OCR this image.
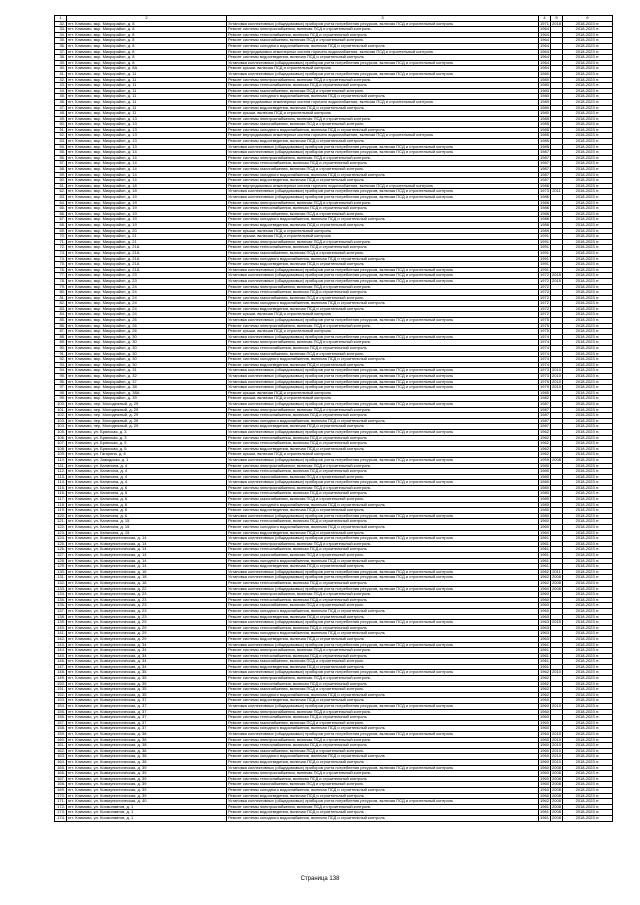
1	2	3	4	5	6
32.	пгт. Климово, мкр. Микрорайон, д. 8	Установка коллективных (общедомовых) приборов учета потребления ресурсов, включая ПСД и строительный контроль	1971	2018	2018-2023 гг.
33.	пгт. Климово, мкр. Микрорайон, д. 8	Ремонт системы электроснабжения, включая ПСД и строительный контроль	1964		2018-2023 гг.
34.	пгт. Климово, мкр. Микрорайон, д. 8	Ремонт системы теплоснабжения, включая ПСД и строительный контроль	1964		2018-2023 гг.
35.	пгт. Климово, мкр. Микрорайон, д. 8	Ремонт системы газоснабжения, включая ПСД и строительный контроль	1964		2018-2023 гг.
36.	пгт. Климово, мкр. Микрорайон, д. 8	Ремонт системы холодного водоснабжения, включая ПСД и строительный контроль	1964		2018-2023 гг.
37.	пгт. Климово, мкр. Микрорайон, д. 8	Ремонт внутридомовых инженерных систем горячего водоснабжения, включая ПСД и строительный контроль	1964		2018-2023 гг.
38.	пгт. Климово, мкр. Микрорайон, д. 8	Ремонт системы водоотведения, включая ПСД и строительный контроль	1964		2018-2023 гг.
39.	пгт. Климово, мкр. Микрорайон, д. 8	Установка коллективных (общедомовых) приборов учета потребления ресурсов, включая ПСД и строительный контроль	1964		2018-2023 гг.
40.	пгт. Климово, мкр. Микрорайон, д. 8А	Ремонт крыши, включая ПСД и строительный контроль	1984		2018-2023 гг.
41.	пгт. Климово, мкр. Микрорайон, д. 11	Установка коллективных (общедомовых) приборов учета потребления ресурсов, включая ПСД и строительный контроль	1980		2018-2023 гг.
42.	пгт. Климово, мкр. Микрорайон, д. 11	Ремонт системы электроснабжения, включая ПСД и строительный контроль	1980		2018-2023 гг.
43.	пгт. Климово, мкр. Микрорайон, д. 11	Ремонт системы теплоснабжения, включая ПСД и строительный контроль	1980		2018-2023 гг.
44.	пгт. Климово, мкр. Микрорайон, д. 11	Ремонт системы газоснабжения, включая ПСД и строительный контроль	1980		2018-2023 гг.
45.	пгт. Климово, мкр. Микрорайон, д. 11	Ремонт системы холодного водоснабжения, включая ПСД и строительный контроль	1980		2018-2023 гг.
46.	пгт. Климово, мкр. Микрорайон, д. 11	Ремонт внутридомовых инженерных систем горячего водоснабжения, включая ПСД и строительный контроль	1980		2018-2023 гг.
47.	пгт. Климово, мкр. Микрорайон, д. 11	Ремонт системы водоотведения, включая ПСД и строительный контроль	1980		2018-2023 гг.
48.	пгт. Климово, мкр. Микрорайон, д. 11	Ремонт крыши, включая ПСД и строительный контроль	1980		2018-2023 гг.
49.	пгт. Климово, мкр. Микрорайон, д. 13	Ремонт системы электроснабжения, включая ПСД и строительный контроль	1985		2018-2023 гг.
50.	пгт. Климово, мкр. Микрорайон, д. 13	Ремонт системы газоснабжения, включая ПСД и строительный контроль	1985		2018-2023 гг.
51.	пгт. Климово, мкр. Микрорайон, д. 13	Ремонт системы холодного водоснабжения, включая ПСД и строительный контроль	1985		2018-2023 гг.
52.	пгт. Климово, мкр. Микрорайон, д. 13	Ремонт внутридомовых инженерных систем горячего водоснабжения, включая ПСД и строительный контроль	1985		2018-2023 гг.
53.	пгт. Климово, мкр. Микрорайон, д. 13	Ремонт системы водоотведения, включая ПСД и строительный контроль	1985		2018-2023 гг.
54.	пгт. Климово, мкр. Микрорайон, д. 13	Установка коллективных (общедомовых) приборов учета потребления ресурсов, включая ПСД и строительный контроль	1985		2018-2023 гг.
55.	пгт. Климово, мкр. Микрорайон, д. 14	Установка коллективных (общедомовых) приборов учета потребления ресурсов, включая ПСД и строительный контроль	1987		2018-2023 гг.
56.	пгт. Климово, мкр. Микрорайон, д. 14	Ремонт системы электроснабжения, включая ПСД и строительный контроль	1987		2018-2023 гг.
57.	пгт. Климово, мкр. Микрорайон, д. 14	Ремонт системы теплоснабжения, включая ПСД и строительный контроль	1987		2018-2023 гг.
58.	пгт. Климово, мкр. Микрорайон, д. 14	Ремонт системы газоснабжения, включая ПСД и строительный контроль	1987		2018-2023 гг.
59.	пгт. Климово, мкр. Микрорайон, д. 14	Ремонт системы холодного водоснабжения, включая ПСД и строительный контроль	1987		2018-2023 гг.
60.	пгт. Климово, мкр. Микрорайон, д. 14	Ремонт системы водоотведения, включая ПСД и строительный контроль	1987		2018-2023 гг.
61.	пгт. Климово, мкр. Микрорайон, д. 18	Ремонт внутридомовых инженерных систем горячего водоснабжения, включая ПСД и строительный контроль	1988		2018-2023 гг.
62.	пгт. Климово, мкр. Микрорайон, д. 18	Установка коллективных (общедомовых) приборов учета потребления ресурсов, включая ПСД и строительный контроль	1973	2011	2018-2023 гг.
63.	пгт. Климово, мкр. Микрорайон, д. 19	Установка коллективных (общедомовых) приборов учета потребления ресурсов, включая ПСД и строительный контроль	1986		2018-2023 гг.
64.	пгт. Климово, мкр. Микрорайон, д. 19	Ремонт системы электроснабжения, включая ПСД и строительный контроль	1986		2018-2023 гг.
65.	пгт. Климово, мкр. Микрорайон, д. 19	Ремонт системы теплоснабжения, включая ПСД и строительный контроль	1986		2018-2023 гг.
66.	пгт. Климово, мкр. Микрорайон, д. 19	Ремонт системы газоснабжения, включая ПСД и строительный контроль	1986		2018-2023 гг.
67.	пгт. Климово, мкр. Микрорайон, д. 19	Ремонт системы холодного водоснабжения, включая ПСД и строительный контроль	1986		2018-2023 гг.
68.	пгт. Климово, мкр. Микрорайон, д. 19	Ремонт системы водоотведения, включая ПСД и строительный контроль	1986		2018-2023 гг.
69.	пгт. Климово, мкр. Микрорайон, д. 20	Ремонт крыши, включая ПСД и строительный контроль	1989		2018-2023 гг.
70.	пгт. Климово, мкр. Микрорайон, д. 21	Ремонт крыши, включая ПСД и строительный контроль	1991		2018-2023 гг.
71.	пгт. Климово, мкр. Микрорайон, д. 21	Ремонт системы электроснабжения, включая ПСД и строительный контроль	1991		2018-2023 гг.
72.	пгт. Климово, мкр. Микрорайон, д. 21А	Ремонт системы теплоснабжения, включая ПСД и строительный контроль	1991		2018-2023 гг.
73.	пгт. Климово, мкр. Микрорайон, д. 21А	Ремонт системы газоснабжения, включая ПСД и строительный контроль	1991		2018-2023 гг.
74.	пгт. Климово, мкр. Микрорайон, д. 21А	Ремонт системы холодного водоснабжения, включая ПСД и строительный контроль	1991		2018-2023 гг.
75.	пгт. Климово, мкр. Микрорайон, д. 21А	Ремонт системы водоотведения, включая ПСД и строительный контроль	1991		2018-2023 гг.
76.	пгт. Климово, мкр. Микрорайон, д. 21А	Установка коллективных (общедомовых) приборов учета потребления ресурсов, включая ПСД и строительный контроль	1991		2018-2023 гг.
77.	пгт. Климово, мкр. Микрорайон, д. 23	Установка коллективных (общедомовых) приборов учета потребления ресурсов, включая ПСД и строительный контроль	1972	2015	2018-2023 гг.
78.	пгт. Климово, мкр. Микрорайон, д. 23	Установка коллективных (общедомовых) приборов учета потребления ресурсов, включая ПСД и строительный контроль	1972	2015	2018-2023 гг.
79.	пгт. Климово, мкр. Микрорайон, д. 24	Ремонт системы электроснабжения, включая ПСД и строительный контроль	1972		2018-2023 гг.
80.	пгт. Климово, мкр. Микрорайон, д. 24	Ремонт системы теплоснабжения, включая ПСД и строительный контроль	1972		2018-2023 гг.
81.	пгт. Климово, мкр. Микрорайон, д. 24	Ремонт системы газоснабжения, включая ПСД и строительный контроль	1972		2018-2023 гг.
82.	пгт. Климово, мкр. Микрорайон, д. 24	Ремонт системы холодного водоснабжения, включая ПСД и строительный контроль	1972		2018-2023 гг.
83.	пгт. Климово, мкр. Микрорайон, д. 24	Ремонт системы водоотведения, включая ПСД и строительный контроль	1972		2018-2023 гг.
84.	пгт. Климово, мкр. Микрорайон, д. 24	Ремонт крыши, включая ПСД и строительный контроль	1972		2018-2023 гг.
85.	пгт. Климово, мкр. Микрорайон, д. 26	Установка коллективных (общедомовых) приборов учета потребления ресурсов, включая ПСД и строительный контроль	1975		2018-2023 гг.
86.	пгт. Климово, мкр. Микрорайон, д. 26	Ремонт системы электроснабжения, включая ПСД и строительный контроль	1975		2018-2023 гг.
87.	пгт. Климово, мкр. Микрорайон, д. 26	Ремонт крыши, включая ПСД и строительный контроль	1975		2018-2023 гг.
88.	пгт. Климово, мкр. Микрорайон, д. 30	Установка коллективных (общедомовых) приборов учета потребления ресурсов, включая ПСД и строительный контроль	1974		2018-2023 гг.
89.	пгт. Климово, мкр. Микрорайон, д. 30	Ремонт системы электроснабжения, включая ПСД и строительный контроль	1974		2018-2023 гг.
90.	пгт. Климово, мкр. Микрорайон, д. 30	Ремонт системы теплоснабжения, включая ПСД и строительный контроль	1974		2018-2023 гг.
91.	пгт. Климово, мкр. Микрорайон, д. 30	Ремонт системы газоснабжения, включая ПСД и строительный контроль	1974		2018-2023 гг.
92.	пгт. Климово, мкр. Микрорайон, д. 30	Ремонт системы холодного водоснабжения, включая ПСД и строительный контроль	1974		2018-2023 гг.
93.	пгт. Климово, мкр. Микрорайон, д. 30	Ремонт системы водоотведения, включая ПСД и строительный контроль	1974		2018-2023 гг.
94.	пгт. Климово, мкр. Микрорайон, д. 31	Установка коллективных (общедомовых) приборов учета потребления ресурсов, включая ПСД и строительный контроль	1973	2010	2018-2023 гг.
95.	пгт. Климово, мкр. Микрорайон, д. 32	Установка коллективных (общедомовых) приборов учета потребления ресурсов, включая ПСД и строительный контроль	1973	2010	2018-2023 гг.
96.	пгт. Климово, мкр. Микрорайон, д. 37	Установка коллективных (общедомовых) приборов учета потребления ресурсов, включая ПСД и строительный контроль	1979	2010	2018-2023 гг.
97.	пгт. Климово, мкр. Микрорайон, д. 38	Установка коллективных (общедомовых) приборов учета потребления ресурсов, включая ПСД и строительный контроль	1979	2010	2018-2023 гг.
98.	пгт. Климово, мкр. Микрорайон, д. 38А	Ремонт крыши, включая ПСД и строительный контроль	1980		2018-2023 гг.
99.	пгт. Климово, мкр. Микрорайон, д. 39	Ремонт крыши, включая ПСД и строительный контроль	1982		2018-2023 гг.
100.	пгт. Климово, пер. Молодежный, д. 29	Установка коллективных (общедомовых) приборов учета потребления ресурсов, включая ПСД и строительный контроль	1987		2018-2023 гг.
101.	пгт. Климово, пер. Молодежный, д. 29	Ремонт системы электроснабжения, включая ПСД и строительный контроль	1987		2018-2023 гг.
102.	пгт. Климово, пер. Молодежный, д. 29	Ремонт системы теплоснабжения, включая ПСД и строительный контроль	1987		2018-2023 гг.
103.	пгт. Климово, пер. Молодежный, д. 29	Ремонт системы холодного водоснабжения, включая ПСД и строительный контроль	1987		2018-2023 гг.
104.	пгт. Климово, пер. Молодежный, д. 29	Ремонт системы водоотведения, включая ПСД и строительный контроль	1987		2018-2023 гг.
105.	пгт. Климово, ул. Брянская, д. 3	Установка коллективных (общедомовых) приборов учета потребления ресурсов, включая ПСД и строительный контроль	1962		2018-2023 гг.
106.	пгт. Климово, ул. Брянская, д. 3	Ремонт системы теплоснабжения, включая ПСД и строительный контроль	1962		2018-2023 гг.
107.	пгт. Климово, ул. Брянская, д. 5	Ремонт системы теплоснабжения, включая ПСД и строительный контроль	1962		2018-2023 гг.
108.	пгт. Климово, ул. Брянская, д. 5	Ремонт системы водоотведения, включая ПСД и строительный контроль	1962		2018-2023 гг.
109.	пгт. Климово, ул. Гагарина, д. 6	Ремонт крыши, включая ПСД и строительный контроль	1962		2018-2023 гг.
110.	пгт. Климово, ул. Заводская, д. 1	Установка коллективных (общедомовых) приборов учета потребления ресурсов, включая ПСД и строительный контроль	1959	2008	2018-2023 гг.
111.	пгт. Климово, ул. Калинина, д. 4	Ремонт системы электроснабжения, включая ПСД и строительный контроль	1980		2018-2023 гг.
112.	пгт. Климово, ул. Калинина, д. 4	Ремонт системы теплоснабжения, включая ПСД и строительный контроль	1980		2018-2023 гг.
113.	пгт. Климово, ул. Калинина, д. 4	Ремонт системы газоснабжения, включая ПСД и строительный контроль	1980		2018-2023 гг.
114.	пгт. Климово, ул. Калинина, д. 4	Установка коллективных (общедомовых) приборов учета потребления ресурсов, включая ПСД и строительный контроль	1980		2018-2023 гг.
115.	пгт. Климово, ул. Калинина, д. 6	Ремонт системы электроснабжения, включая ПСД и строительный контроль	1980		2018-2023 гг.
116.	пгт. Климово, ул. Калинина, д. 6	Ремонт системы теплоснабжения, включая ПСД и строительный контроль	1980		2018-2023 гг.
117.	пгт. Климово, ул. Калинина, д. 6	Ремонт системы газоснабжения, включая ПСД и строительный контроль	1980		2018-2023 гг.
118.	пгт. Климово, ул. Калинина, д. 6	Ремонт системы холодного водоснабжения, включая ПСД и строительный контроль	1980		2018-2023 гг.
119.	пгт. Климово, ул. Калинина, д. 6	Ремонт системы водоотведения, включая ПСД и строительный контроль	1980		2018-2023 гг.
120.	пгт. Климово, ул. Калинина, д. 6	Установка коллективных (общедомовых) приборов учета потребления ресурсов, включая ПСД и строительный контроль	1980		2018-2023 гг.
121.	пгт. Климово, ул. Калинина, д. 15	Ремонт системы теплоснабжения, включая ПСД и строительный контроль	1960		2018-2023 гг.
122.	пгт. Климово, ул. Калинина, д. 15	Ремонт системы холодного водоснабжения, включая ПСД и строительный контроль	1960		2018-2023 гг.
123.	пгт. Климово, ул. Калинина, д. 15	Ремонт системы водоотведения, включая ПСД и строительный контроль	1960		2018-2023 гг.
124.	пгт. Климово, ул. Коммунистическая, д. 14	Установка коллективных (общедомовых) приборов учета потребления ресурсов, включая ПСД и строительный контроль	1961		2018-2023 гг.
125.	пгт. Климово, ул. Коммунистическая, д. 14	Ремонт системы электроснабжения, включая ПСД и строительный контроль	1961		2018-2023 гг.
126.	пгт. Климово, ул. Коммунистическая, д. 14	Ремонт системы теплоснабжения, включая ПСД и строительный контроль	1961		2018-2023 гг.
127.	пгт. Климово, ул. Коммунистическая, д. 14	Ремонт системы газоснабжения, включая ПСД и строительный контроль	1961		2018-2023 гг.
128.	пгт. Климово, ул. Коммунистическая, д. 14	Ремонт системы холодного водоснабжения, включая ПСД и строительный контроль	1961		2018-2023 гг.
129.	пгт. Климово, ул. Коммунистическая, д. 14	Ремонт системы водоотведения, включая ПСД и строительный контроль	1961		2018-2023 гг.
130.	пгт. Климово, ул. Коммунистическая, д. 16	Установка коллективных (общедомовых) приборов учета потребления ресурсов, включая ПСД и строительный контроль	1962	2011	2018-2023 гг.
131.	пгт. Климово, ул. Коммунистическая, д. 18	Установка коллективных (общедомовых) приборов учета потребления ресурсов, включая ПСД и строительный контроль	1962	2008	2018-2023 гг.
132.	пгт. Климово, ул. Коммунистическая, д. 18	Ремонт системы теплоснабжения, включая ПСД и строительный контроль	1962	2008	2018-2023 гг.
133.	пгт. Климово, ул. Коммунистическая, д. 22	Установка коллективных (общедомовых) приборов учета потребления ресурсов, включая ПСД и строительный контроль	1960	2008	2018-2023 гг.
134.	пгт. Климово, ул. Коммунистическая, д. 23	Ремонт системы электроснабжения, включая ПСД и строительный контроль	1960		2018-2023 гг.
135.	пгт. Климово, ул. Коммунистическая, д. 23	Ремонт системы теплоснабжения, включая ПСД и строительный контроль	1960		2018-2023 гг.
136.	пгт. Климово, ул. Коммунистическая, д. 23	Ремонт системы газоснабжения, включая ПСД и строительный контроль	1960		2018-2023 гг.
137.	пгт. Климово, ул. Коммунистическая, д. 23	Ремонт системы холодного водоснабжения, включая ПСД и строительный контроль	1960		2018-2023 гг.
138.	пгт. Климово, ул. Коммунистическая, д. 23	Ремонт системы водоотведения, включая ПСД и строительный контроль	1960		2018-2023 гг.
139.	пгт. Климово, ул. Коммунистическая, д. 29	Установка коллективных (общедомовых) приборов учета потребления ресурсов, включая ПСД и строительный контроль	1963	2015	2018-2023 гг.
140.	пгт. Климово, ул. Коммунистическая, д. 29	Ремонт системы теплоснабжения, включая ПСД и строительный контроль	1963		2018-2023 гг.
141.	пгт. Климово, ул. Коммунистическая, д. 29	Ремонт системы холодного водоснабжения, включая ПСД и строительный контроль	1963		2018-2023 гг.
142.	пгт. Климово, ул. Коммунистическая, д. 29	Ремонт системы водоотведения, включая ПСД и строительный контроль	1963		2018-2023 гг.
143.	пгт. Климово, ул. Коммунистическая, д. 34	Установка коллективных (общедомовых) приборов учета потребления ресурсов, включая ПСД и строительный контроль	1961		2018-2023 гг.
144.	пгт. Климово, ул. Коммунистическая, д. 34	Ремонт системы электроснабжения, включая ПСД и строительный контроль	1961		2018-2023 гг.
145.	пгт. Климово, ул. Коммунистическая, д. 34	Ремонт системы теплоснабжения, включая ПСД и строительный контроль	1961		2018-2023 гг.
146.	пгт. Климово, ул. Коммунистическая, д. 34	Ремонт системы газоснабжения, включая ПСД и строительный контроль	1961		2018-2023 гг.
147.	пгт. Климово, ул. Коммунистическая, д. 34	Ремонт системы водоотведения, включая ПСД и строительный контроль	1961		2018-2023 гг.
148.	пгт. Климово, ул. Коммунистическая, д. 35	Установка коллективных (общедомовых) приборов учета потребления ресурсов, включая ПСД и строительный контроль	1962	2010	2018-2023 гг.
149.	пгт. Климово, ул. Коммунистическая, д. 35	Ремонт системы электроснабжения, включая ПСД и строительный контроль	1962		2018-2023 гг.
150.	пгт. Климово, ул. Коммунистическая, д. 35	Ремонт системы теплоснабжения, включая ПСД и строительный контроль	1962		2018-2023 гг.
151.	пгт. Климово, ул. Коммунистическая, д. 35	Ремонт системы газоснабжения, включая ПСД и строительный контроль	1962		2018-2023 гг.
152.	пгт. Климово, ул. Коммунистическая, д. 35	Ремонт системы холодного водоснабжения, включая ПСД и строительный контроль	1962		2018-2023 гг.
153.	пгт. Климово, ул. Коммунистическая, д. 37	Ремонт системы водоотведения, включая ПСД и строительный контроль	1960		2018-2023 гг.
154.	пгт. Климово, ул. Коммунистическая, д. 37	Установка коллективных (общедомовых) приборов учета потребления ресурсов, включая ПСД и строительный контроль	1960	2010	2018-2023 гг.
155.	пгт. Климово, ул. Коммунистическая, д. 37	Ремонт системы электроснабжения, включая ПСД и строительный контроль	1960		2018-2023 гг.
156.	пгт. Климово, ул. Коммунистическая, д. 37	Ремонт системы теплоснабжения, включая ПСД и строительный контроль	1960		2018-2023 гг.
157.	пгт. Климово, ул. Коммунистическая, д. 37	Ремонт системы газоснабжения, включая ПСД и строительный контроль	1960		2018-2023 гг.
158.	пгт. Климово, ул. Коммунистическая, д. 37	Ремонт системы холодного водоснабжения, включая ПСД и строительный контроль	1960		2018-2023 гг.
159.	пгт. Климово, ул. Коммунистическая, д. 38	Установка коллективных (общедомовых) приборов учета потребления ресурсов, включая ПСД и строительный контроль	1960	2010	2018-2023 гг.
160.	пгт. Климово, ул. Коммунистическая, д. 38	Ремонт системы электроснабжения, включая ПСД и строительный контроль	1960	2010	2018-2023 гг.
161.	пгт. Климово, ул. Коммунистическая, д. 38	Ремонт системы теплоснабжения, включая ПСД и строительный контроль	1960	2010	2018-2023 гг.
162.	пгт. Климово, ул. Коммунистическая, д. 38	Ремонт системы газоснабжения, включая ПСД и строительный контроль	1960	2010	2018-2023 гг.
163.	пгт. Климово, ул. Коммунистическая, д. 38	Ремонт системы холодного водоснабжения, включая ПСД и строительный контроль	1960	2010	2018-2023 гг.
164.	пгт. Климово, ул. Коммунистическая, д. 38	Ремонт системы водоотведения, включая ПСД и строительный контроль	1960	2010	2018-2023 гг.
165.	пгт. Климово, ул. Коммунистическая, д. 39	Установка коллективных (общедомовых) приборов учета потребления ресурсов, включая ПСД и строительный контроль	1960	2008	2018-2023 гг.
166.	пгт. Климово, ул. Коммунистическая, д. 39	Ремонт системы электроснабжения, включая ПСД и строительный контроль	1960	2008	2018-2023 гг.
167.	пгт. Климово, ул. Коммунистическая, д. 39	Ремонт системы теплоснабжения, включая ПСД и строительный контроль	1960	2008	2018-2023 гг.
168.	пгт. Климово, ул. Коммунистическая, д. 39	Ремонт системы газоснабжения, включая ПСД и строительный контроль	1960	2008	2018-2023 гг.
169.	пгт. Климово, ул. Коммунистическая, д. 39	Ремонт системы холодного водоснабжения, включая ПСД и строительный контроль	1960	2008	2018-2023 гг.
170.	пгт. Климово, ул. Коммунистическая, д. 39	Ремонт системы водоотведения, включая ПСД и строительный контроль	1960	2008	2018-2023 гг.
171.	пгт. Климово, ул. Коммунистическая, д. 40	Установка коллективных (общедомовых) приборов учета потребления ресурсов, включая ПСД и строительный контроль	1962	2008	2018-2023 гг.
172.	пгт. Климово, ул. Космонавтов, д. 1	Ремонт системы электроснабжения, включая ПСД и строительный контроль	1961	2008	2018-2023 гг.
173.	пгт. Климово, ул. Космонавтов, д. 1	Ремонт системы водоотведения, включая ПСД и строительный контроль	1961	2008	2018-2023 гг.
174.	пгт. Климово, ул. Космонавтов, д. 1	Ремонт системы холодного водоснабжения, включая ПСД и строительный контроль	1961	2008	2018-2023 гг.
Страница 138
